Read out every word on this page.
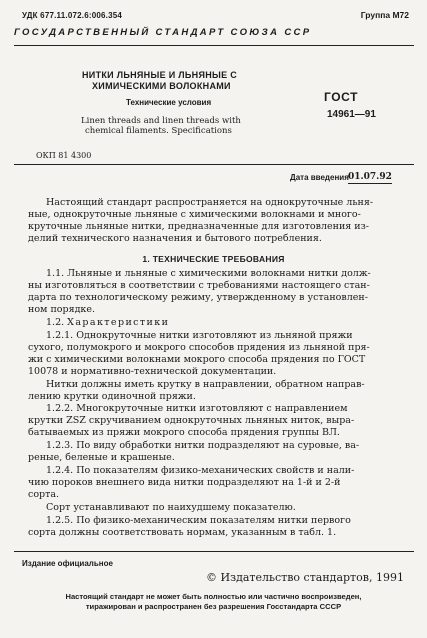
УДК 677.11.072.6:006.354	Группа М72
ГОСУДАРСТВЕННЫЙ СТАНДАРТ СОЮЗА ССР
НИТКИ ЛЬНЯНЫЕ И ЛЬНЯНЫЕ С
ХИМИЧЕСКИМИ ВОЛОКНАМИ
Технические условия
Linen threads and linen threads with
chemical filaments. Specifications
ГОСТ
14961—91
ОКП 81 4300
Дата введения 01.07.92

Настоящий стандарт распространяется на однокруточные льня-

ные, однокруточные льняные с химическими волокнами и много-

круточные льняные нитки, предназначенные для изготовления из-

делий технического назначения и бытового потребления.

1. ТЕХНИЧЕСКИЕ ТРЕБОВАНИЯ

1.1. Льняные и льняные с химическими волокнами нитки долж-

ны изготовляться в соответствии с требованиями настоящего стан-

дарта по технологическому режиму, утвержденному в установлен-

ном порядке.

1.2. Характеристики

1.2.1. Однокруточные нитки изготовляют из льняной пряжи

сухого, полумокрого и мокрого способов прядения из льняной пря-

жи с химическими волокнами мокрого способа прядения по ГОСТ

10078 и нормативно-технической документации.

Нитки должны иметь крутку в направлении, обратном направ-

лению крутки одиночной пряжи.

1.2.2. Многокруточные нитки изготовляют с направлением

крутки ZSZ скручиванием однокруточных льняных ниток, выра-

батываемых из пряжи мокрого способа прядения группы ВЛ.

1.2.3. По виду обработки нитки подразделяют на суровые, ва-

реные, беленые и крашеные.

1.2.4. По показателям физико-механических свойств и нали-

чию пороков внешнего вида нитки подразделяют на 1-й и 2-й

сорта.

Сорт устанавливают по наихудшему показателю.

1.2.5. По физико-механическим показателям нитки первого

сорта должны соответствовать нормам, указанным в табл. 1.

Издание официальное
© Издательство стандартов, 1991
Настоящий стандарт не может быть полностью или частично воспроизведен,
тиражирован и распространен без разрешения Госстандарта СССР
